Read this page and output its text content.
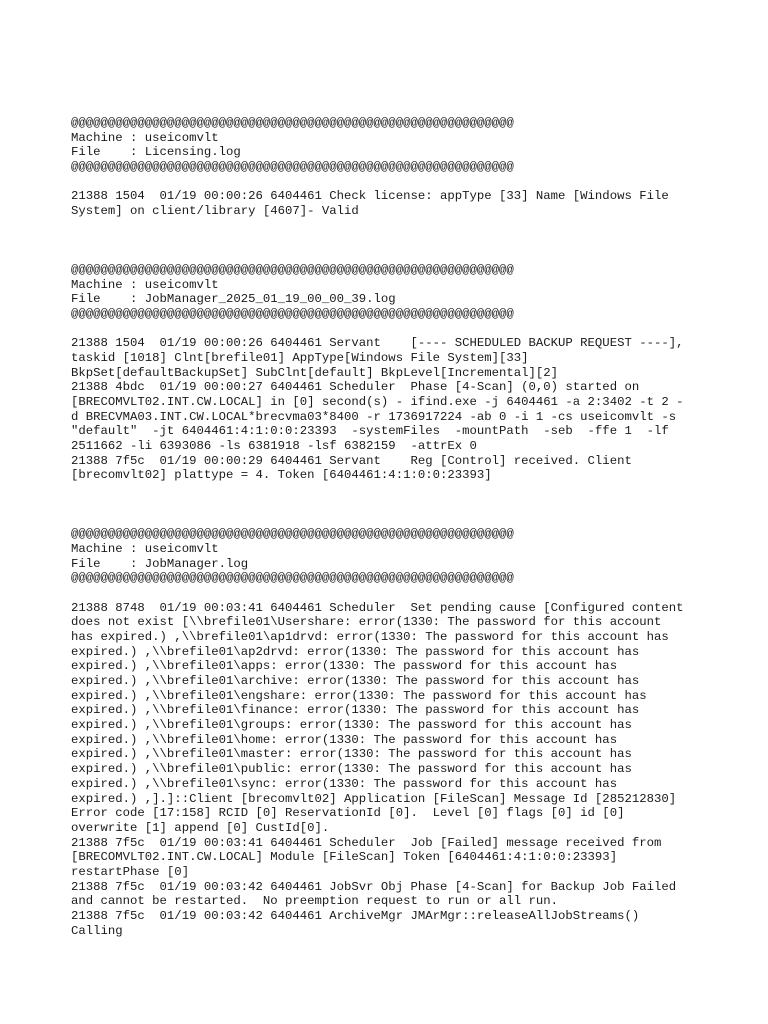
@@@@@@@@@@@@@@@@@@@@@@@@@@@@@@@@@@@@@@@@@@@@@@@@@@@@@@@@@@@@
Machine : useicomvlt
File    : Licensing.log
@@@@@@@@@@@@@@@@@@@@@@@@@@@@@@@@@@@@@@@@@@@@@@@@@@@@@@@@@@@@
21388 1504  01/19 00:00:26 6404461 Check license: appType [33] Name [Windows File
System] on client/library [4607]- Valid
@@@@@@@@@@@@@@@@@@@@@@@@@@@@@@@@@@@@@@@@@@@@@@@@@@@@@@@@@@@@
Machine : useicomvlt
File    : JobManager_2025_01_19_00_00_39.log
@@@@@@@@@@@@@@@@@@@@@@@@@@@@@@@@@@@@@@@@@@@@@@@@@@@@@@@@@@@@
21388 1504  01/19 00:00:26 6404461 Servant    [---- SCHEDULED BACKUP REQUEST ----],
taskid [1018] Clnt[brefile01] AppType[Windows File System][33]
BkpSet[defaultBackupSet] SubClnt[default] BkpLevel[Incremental][2]
21388 4bdc  01/19 00:00:27 6404461 Scheduler  Phase [4-Scan] (0,0) started on
[BRECOMVLT02.INT.CW.LOCAL] in [0] second(s) - ifind.exe -j 6404461 -a 2:3402 -t 2 -
d BRECVMA03.INT.CW.LOCAL*brecvma03*8400 -r 1736917224 -ab 0 -i 1 -cs useicomvlt -s
"default"  -jt 6404461:4:1:0:0:23393  -systemFiles  -mountPath  -seb  -ffe 1  -lf
2511662 -li 6393086 -ls 6381918 -lsf 6382159  -attrEx 0
21388 7f5c  01/19 00:00:29 6404461 Servant    Reg [Control] received. Client
[brecomvlt02] plattype = 4. Token [6404461:4:1:0:0:23393]
@@@@@@@@@@@@@@@@@@@@@@@@@@@@@@@@@@@@@@@@@@@@@@@@@@@@@@@@@@@@
Machine : useicomvlt
File    : JobManager.log
@@@@@@@@@@@@@@@@@@@@@@@@@@@@@@@@@@@@@@@@@@@@@@@@@@@@@@@@@@@@
21388 8748  01/19 00:03:41 6404461 Scheduler  Set pending cause [Configured content
does not exist [\\brefile01\Usershare: error(1330: The password for this account
has expired.) ,\\brefile01\ap1drvd: error(1330: The password for this account has
expired.) ,\\brefile01\ap2drvd: error(1330: The password for this account has
expired.) ,\\brefile01\apps: error(1330: The password for this account has
expired.) ,\\brefile01\archive: error(1330: The password for this account has
expired.) ,\\brefile01\engshare: error(1330: The password for this account has
expired.) ,\\brefile01\finance: error(1330: The password for this account has
expired.) ,\\brefile01\groups: error(1330: The password for this account has
expired.) ,\\brefile01\home: error(1330: The password for this account has
expired.) ,\\brefile01\master: error(1330: The password for this account has
expired.) ,\\brefile01\public: error(1330: The password for this account has
expired.) ,\\brefile01\sync: error(1330: The password for this account has
expired.) ,].]::Client [brecomvlt02] Application [FileScan] Message Id [285212830]
Error code [17:158] RCID [0] ReservationId [0].  Level [0] flags [0] id [0]
overwrite [1] append [0] CustId[0].
21388 7f5c  01/19 00:03:41 6404461 Scheduler  Job [Failed] message received from
[BRECOMVLT02.INT.CW.LOCAL] Module [FileScan] Token [6404461:4:1:0:0:23393]
restartPhase [0]
21388 7f5c  01/19 00:03:42 6404461 JobSvr Obj Phase [4-Scan] for Backup Job Failed
and cannot be restarted.  No preemption request to run or all run.
21388 7f5c  01/19 00:03:42 6404461 ArchiveMgr JMArMgr::releaseAllJobStreams()
Calling
